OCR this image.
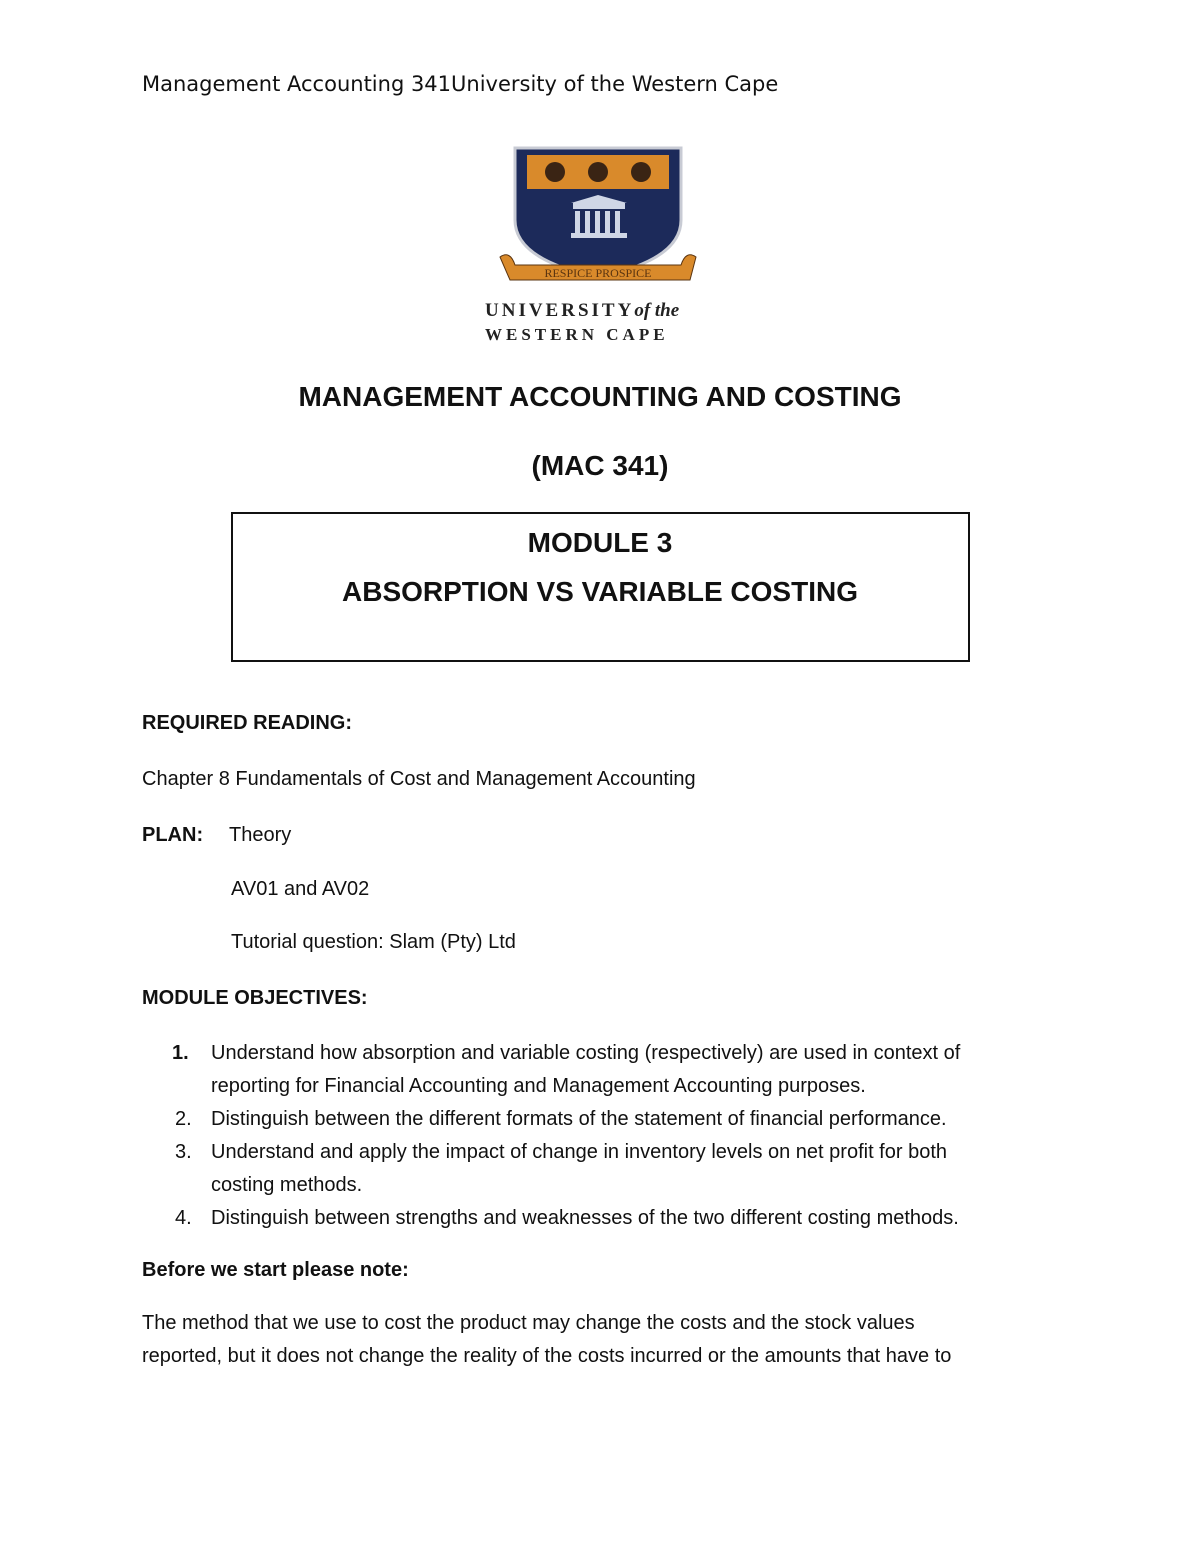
Management Accounting 341University of the Western Cape
RESPICE PROSPICE
UNIVERSITYof the
WESTERN CAPE
MANAGEMENT ACCOUNTING AND COSTING
(MAC 341)
MODULE 3
ABSORPTION VS VARIABLE COSTING
REQUIRED READING:
Chapter 8 Fundamentals of Cost and Management Accounting
PLAN: Theory
AV01 and AV02
Tutorial question: Slam (Pty) Ltd
MODULE OBJECTIVES:
1. Understand how absorption and variable costing (respectively) are used in context of
reporting for Financial Accounting and Management Accounting purposes.
2. Distinguish between the different formats of the statement of financial performance.
3. Understand and apply the impact of change in inventory levels on net profit for both
costing methods.
4. Distinguish between strengths and weaknesses of the two different costing methods.
Before we start please note:
The method that we use to cost the product may change the costs and the stock values
reported, but it does not change the reality of the costs incurred or the amounts that have to
